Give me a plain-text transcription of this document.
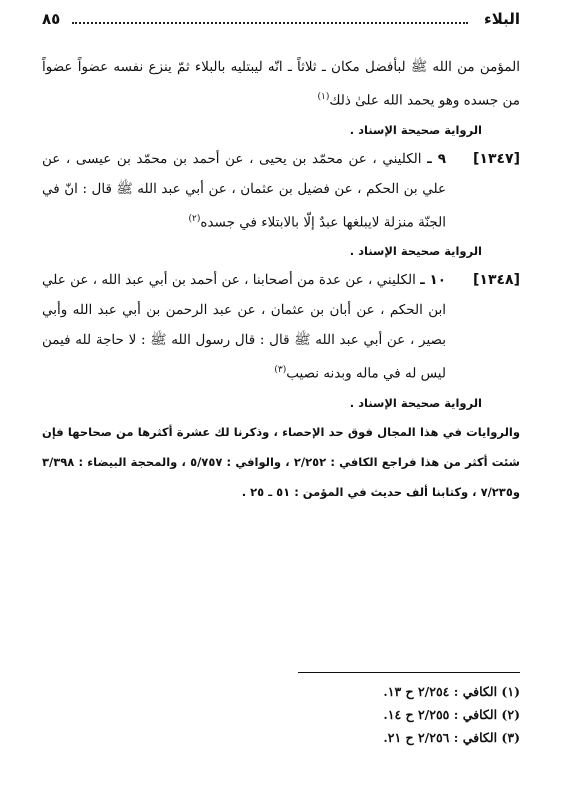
البلاء
٨٥

المؤمن من الله ﷺ لبأفضل مكان ـ ثلاثاً ـ انّه ليبتليه بالبلاء ثمّ ينزع نفسه عضواً عضواً من جسده وهو يحمد الله علىٰ ذلك$^{(١)}$

الرواية صحيحة الإسناد .

[١٣٤٧]
٩ ـ الكليني ، عن محمّد بن يحيى ، عن أحمد بن محمّد بن عيسى ، عن علي بن الحكم ، عن فضيل بن عثمان ، عن أبي عبد الله ﷺ قال : انّ في الجنّة منزلة لايبلغها عبدٌ إلّا بالابتلاء في جسده$^{(٢)}$

الرواية صحيحة الإسناد .

[١٣٤٨]
١٠ ـ الكليني ، عن عدة من أصحابنا ، عن أحمد بن أبي عبد الله ، عن علي ابن الحكم ، عن أبان بن عثمان ، عن عبد الرحمن بن أبي عبد الله وأبي بصير ، عن أبي عبد الله ﷺ قال : قال رسول الله ﷺ : لا حاجة لله فيمن ليس له في ماله وبدنه نصيب$^{(٣)}$

الرواية صحيحة الإسناد .

والروايات في هذا المجال فوق حد الإحصاء ، وذكرنا لك عشرة أكثرها من صحاحها فإن شئت أكثر من هذا فراجع الكافي : ٢/٢٥٢ ، والوافي : ٥/٧٥٧ ، والمحجة البيضاء : ٣/٣٩٨ و٧/٢٣٥ ، وكتابنا ألف حديث في المؤمن : ٥١ ـ ٢٥ .

(١) الكافي : ٢/٢٥٤ ح ١٣.
(٢) الكافي : ٢/٢٥٥ ح ١٤.
(٣) الكافي : ٢/٢٥٦ ح ٢١.
